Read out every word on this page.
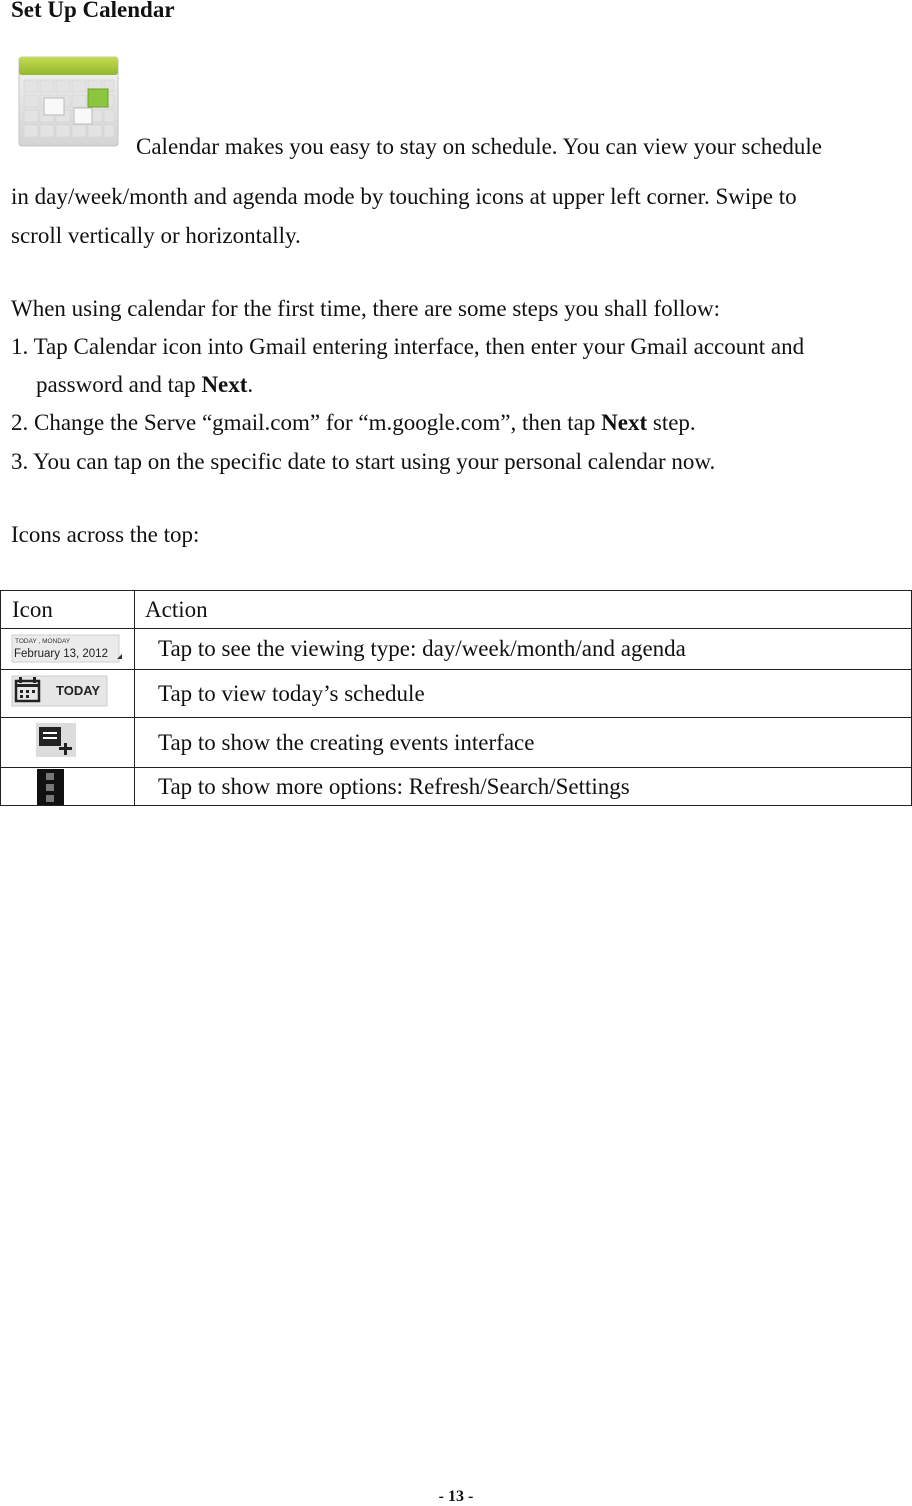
Set Up Calendar
Calendar makes you easy to stay on schedule. You can view your schedule
in day/week/month and agenda mode by touching icons at upper left corner. Swipe to
scroll vertically or horizontally.
When using calendar for the first time, there are some steps you shall follow:
1. Tap Calendar icon into Gmail entering interface, then enter your Gmail account and
password and tap Next.
2. Change the Serve “gmail.com” for “m.google.com”, then tap Next step.
3. You can tap on the specific date to start using your personal calendar now.
Icons across the top:
Icon	Action

TODAY , MONDAY
February 13, 2012	Tap to see the viewing type: day/week/month/and agenda

TODAY	Tap to view today’s schedule

	Tap to show the creating events interface

	Tap to show more options: Refresh/Search/Settings
- 13 -
